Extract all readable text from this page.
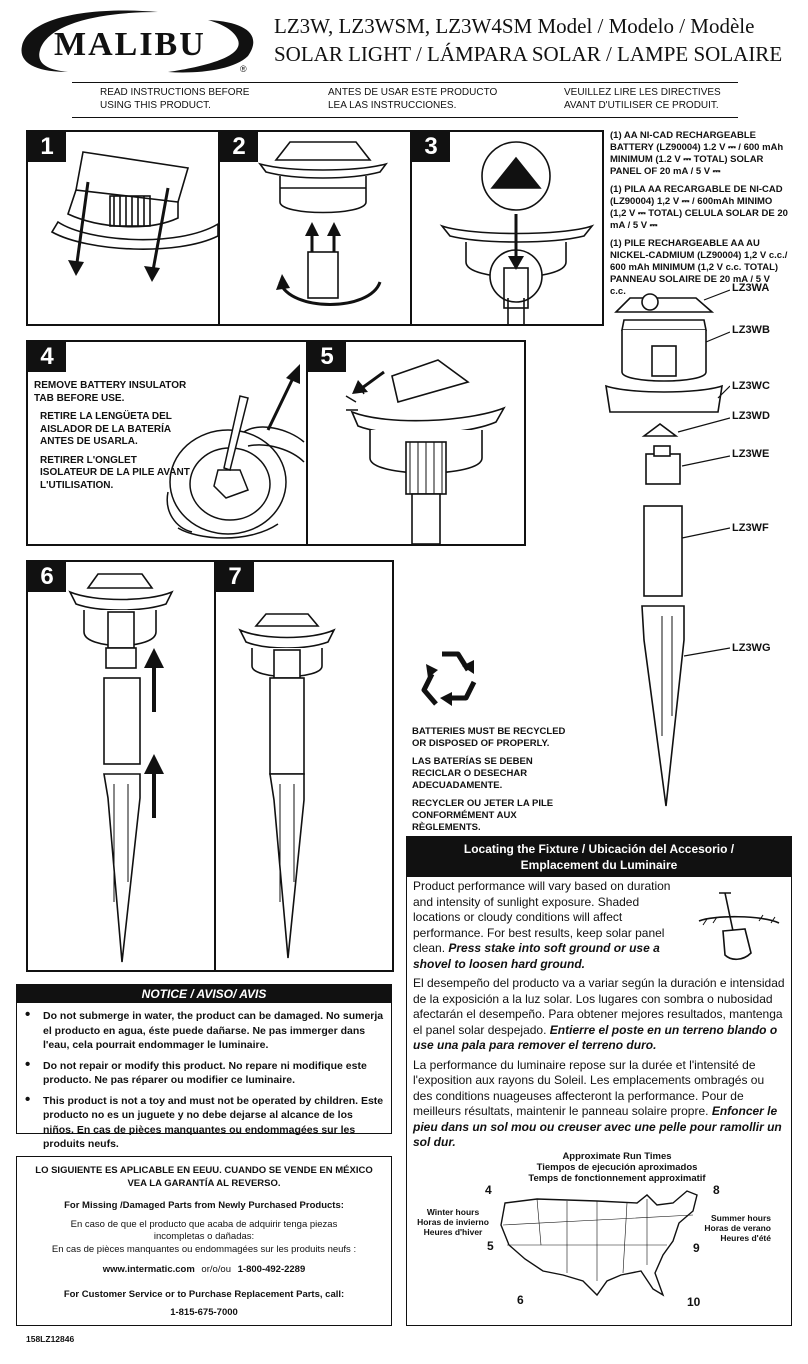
MALIBU
®
LZ3W, LZ3WSM, LZ3W4SM Model / Modelo / Modèle
SOLAR LIGHT / LÁMPARA SOLAR / LAMPE SOLAIRE
READ INSTRUCTIONS BEFORE
USING THIS PRODUCT.
ANTES DE USAR ESTE PRODUCTO
LEA LAS INSTRUCCIONES.
VEUILLEZ LIRE LES DIRECTIVES
AVANT D'UTILISER CE PRODUIT.
1	2	3	(1) AA NI-CAD RECHARGEABLE BATTERY (LZ90004) 1.2 V ⎓ / 600 mAh MINIMUM (1.2 V ⎓ TOTAL) SOLAR PANEL OF 20 mA / 5 V ⎓
(1) PILA AA RECARGABLE DE NI-CAD (LZ90004) 1,2 V ⎓ / 600mAh MINIMO (1,2 V ⎓ TOTAL) CELULA SOLAR DE 20 mA / 5 V ⎓
(1) PILE RECHARGEABLE AA AU NICKEL-CADMIUM (LZ90004) 1,2 V c.c./ 600 mAh MINIMUM (1,2 V c.c. TOTAL) PANNEAU SOLAIRE DE 20 mA / 5 V c.c.	LZ3WA
LZ3WB
LZ3WC
LZ3WD
LZ3WE
LZ3WF
LZ3WG
4
REMOVE BATTERY INSULATOR TAB BEFORE USE.
RETIRE LA LENGÜETA DEL AISLADOR DE LA BATERÍA ANTES DE USARLA.
RETIRER L'ONGLET ISOLATEUR DE LA PILE AVANT L'UTILISATION.
5
BATTERIES MUST BE RECYCLED OR DISPOSED OF PROPERLY.
LAS BATERÍAS SE DEBEN RECICLAR O DESECHAR ADECUADAMENTE.
RECYCLER OU JETER LA PILE CONFORMÉMENT AUX RÈGLEMENTS.
6	7
Locating the Fixture / Ubicación del Accesorio /
Emplacement du Luminaire

Product performance will vary based on duration and intensity of sunlight exposure. Shaded locations or cloudy conditions will affect performance. For best results, keep solar panel clean. Press stake into soft ground or use a shovel to loosen hard ground.

El desempeño del producto va a variar según la duración e intensidad de la exposición a la luz solar. Los lugares con sombra o nubosidad afectarán el desempeño. Para obtener mejores resultados, mantenga el panel solar despejado. Entierre el poste en un terreno blando o use una pala para remover el terreno duro.

La performance du luminaire repose sur la durée et l'intensité de l'exposition aux rayons du Soleil. Les emplacements ombragés ou des conditions nuageuses affecteront la performance. Pour de meilleurs résultats, maintenir le panneau solaire propre. Enfoncer le pieu dans un sol mou ou creuser avec une pelle pour ramollir un sol dur.

Approximate Run Times
Tiempos de ejecución aproximados
Temps de fonctionnement approximatif
4
5
8
9
6	10
Winter hours
Horas de invierno
Heures d'hiver
Summer hours
Horas de verano
Heures d'été
NOTICE / AVISO/ AVIS
• Do not submerge in water, the product can be damaged. No sumerja el producto en agua, éste puede dañarse. Ne pas immerger dans l'eau, cela pourrait endommager le luminaire.
• Do not repair or modify this product. No repare ni modifique este producto. Ne pas réparer ou modifier ce luminaire.
• This product is not a toy and must not be operated by children. Este producto no es un juguete y no debe dejarse al alcance de los niños. En cas de pièces manquantes ou endommagées sur les produits neufs.
LO SIGUIENTE ES APLICABLE EN EEUU. CUANDO SE VENDE EN MÉXICO
VEA LA GARANTÍA AL REVERSO.
For Missing /Damaged Parts from Newly Purchased Products:
En caso de que el producto que acaba de adquirir tenga piezas incompletas o dañadas:
En cas de pièces manquantes ou endommagées sur les produits neufs :
www.intermatic.com or/o/ou 1-800-492-2289
For Customer Service or to Purchase Replacement Parts, call:
1-815-675-7000
158LZ12846
